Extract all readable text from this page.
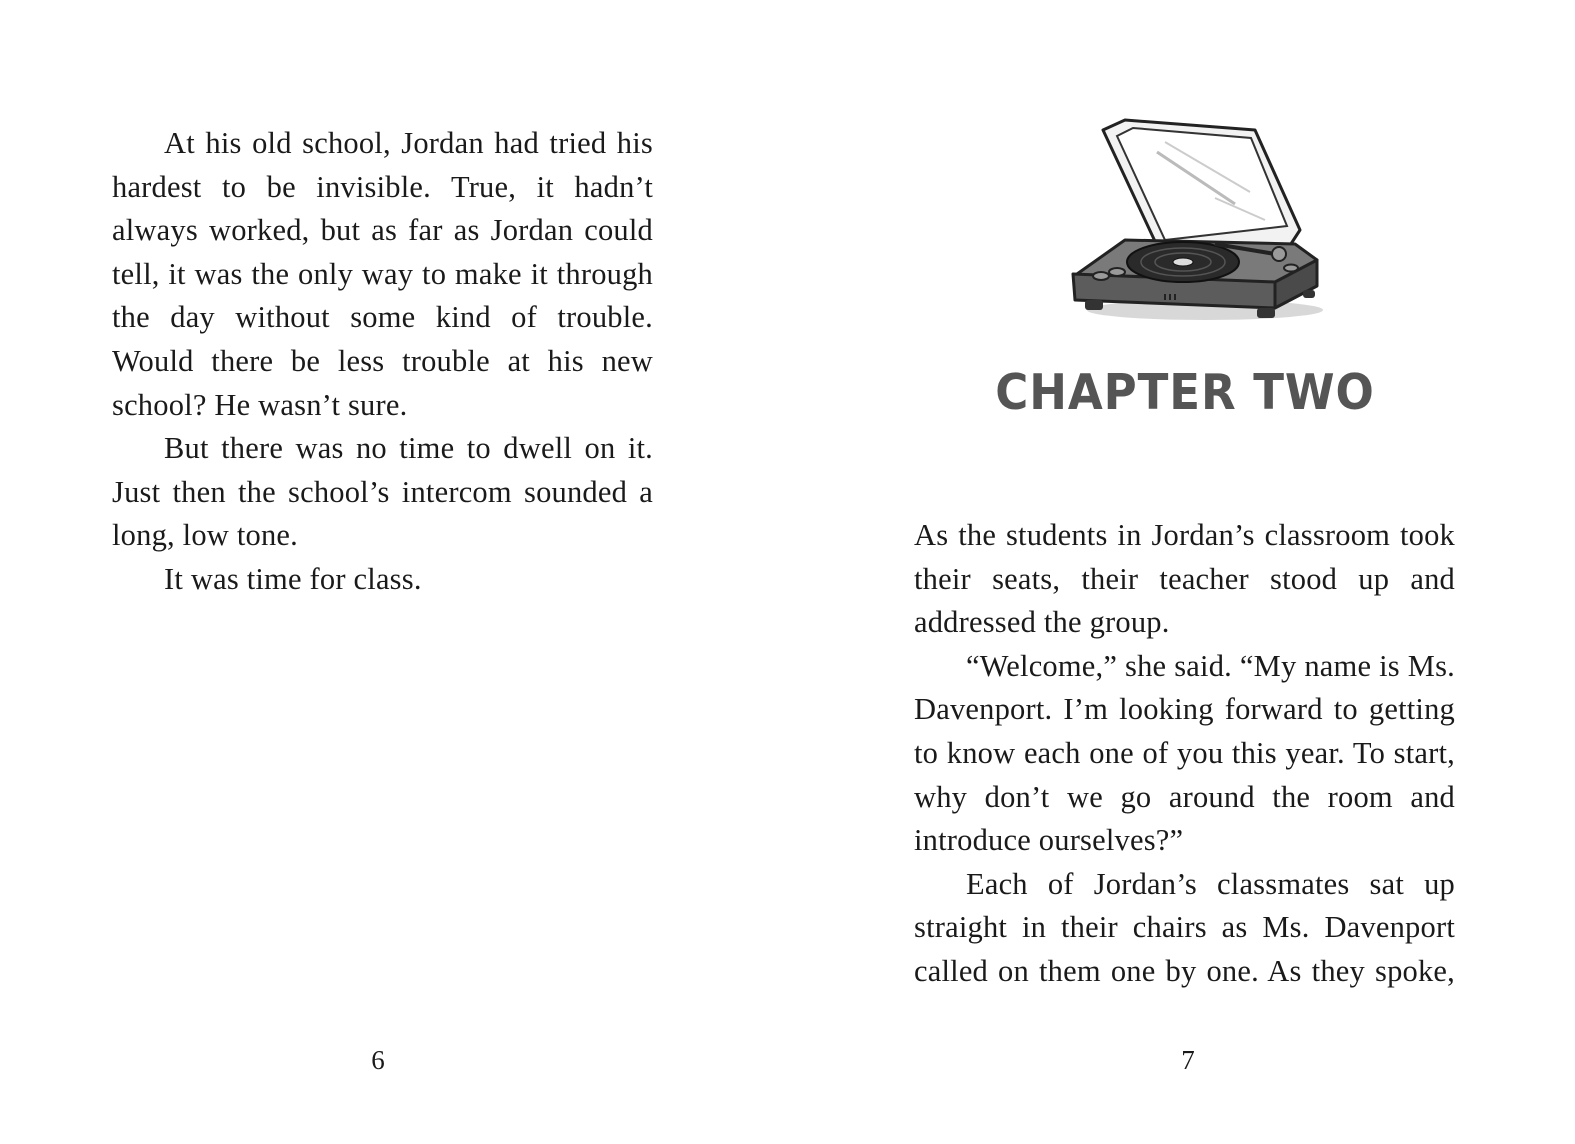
At his old school, Jordan had tried his hardest to be invisible. True, it hadn’t always worked, but as far as Jordan could tell, it was the only way to make it through the day without some kind of trouble. Would there be less trouble at his new school? He wasn’t sure.

But there was no time to dwell on it. Just then the school’s intercom sounded a long, low tone.

It was time for class.

6
CHAPTER TWO

As the students in Jordan’s classroom took their seats, their teacher stood up and addressed the group.

“Welcome,” she said. “My name is Ms. Davenport. I’m looking forward to getting to know each one of you this year. To start, why don’t we go around the room and introduce ourselves?”

Each of Jordan’s classmates sat up straight in their chairs as Ms. Davenport called on them one by one. As they spoke,

7
